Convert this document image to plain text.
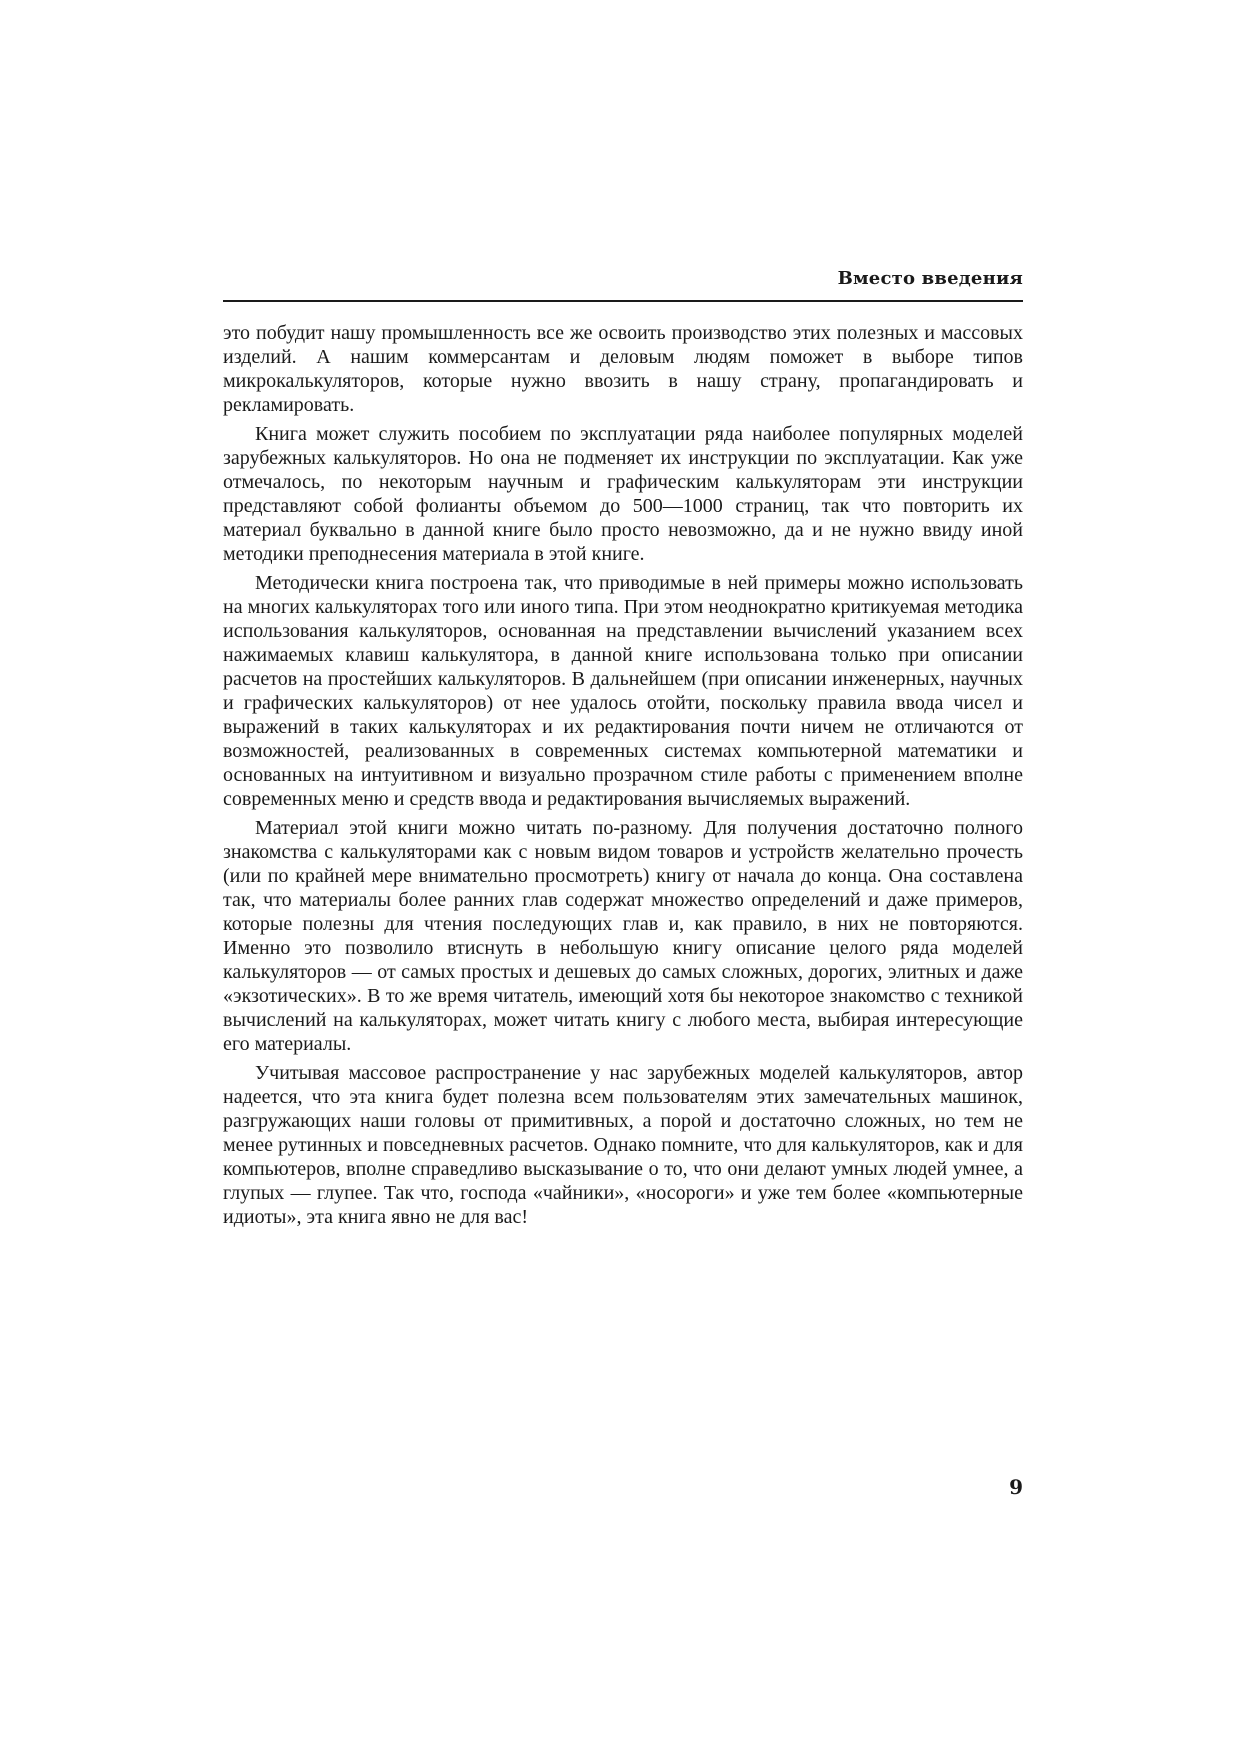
Вместо введения

это побудит нашу промышленность все же освоить производство этих полезных и массовых изделий. А нашим коммерсантам и деловым людям поможет в выборе типов микрокалькуляторов, которые нужно ввозить в нашу страну, пропагандировать и рекламировать.

Книга может служить пособием по эксплуатации ряда наиболее популярных моделей зарубежных калькуляторов. Но она не подменяет их инструкции по эксплуатации. Как уже отмечалось, по некоторым научным и графическим калькуляторам эти инструкции представляют собой фолианты объемом до 500—1000 страниц, так что повторить их материал буквально в данной книге было просто невозможно, да и не нужно ввиду иной методики преподнесения материала в этой книге.

Методически книга построена так, что приводимые в ней примеры можно использовать на многих калькуляторах того или иного типа. При этом неоднократно критикуемая методика использования калькуляторов, основанная на представлении вычислений указанием всех нажимаемых клавиш калькулятора, в данной книге использована только при описании расчетов на простейших калькуляторов. В дальнейшем (при описании инженерных, научных и графических калькуляторов) от нее удалось отойти, поскольку правила ввода чисел и выражений в таких калькуляторах и их редактирования почти ничем не отличаются от возможностей, реализованных в современных системах компьютерной математики и основанных на интуитивном и визуально прозрачном стиле работы с применением вполне современных меню и средств ввода и редактирования вычисляемых выражений.

Материал этой книги можно читать по-разному. Для получения достаточно полного знакомства с калькуляторами как с новым видом товаров и устройств желательно прочесть (или по крайней мере внимательно просмотреть) книгу от начала до конца. Она составлена так, что материалы более ранних глав содержат множество определений и даже примеров, которые полезны для чтения последующих глав и, как правило, в них не повторяются. Именно это позволило втиснуть в небольшую книгу описание целого ряда моделей калькуляторов — от самых простых и дешевых до самых сложных, дорогих, элитных и даже «экзотических». В то же время читатель, имеющий хотя бы некоторое знакомство с техникой вычислений на калькуляторах, может читать книгу с любого места, выбирая интересующие его материалы.

Учитывая массовое распространение у нас зарубежных моделей калькуляторов, автор надеется, что эта книга будет полезна всем пользователям этих замечательных машинок, разгружающих наши головы от примитивных, а порой и достаточно сложных, но тем не менее рутинных и повседневных расчетов. Однако помните, что для калькуляторов, как и для компьютеров, вполне справедливо высказывание о то, что они делают умных людей умнее, а глупых — глупее. Так что, господа «чайники», «носороги» и уже тем более «компьютерные идиоты», эта книга явно не для вас!

9
